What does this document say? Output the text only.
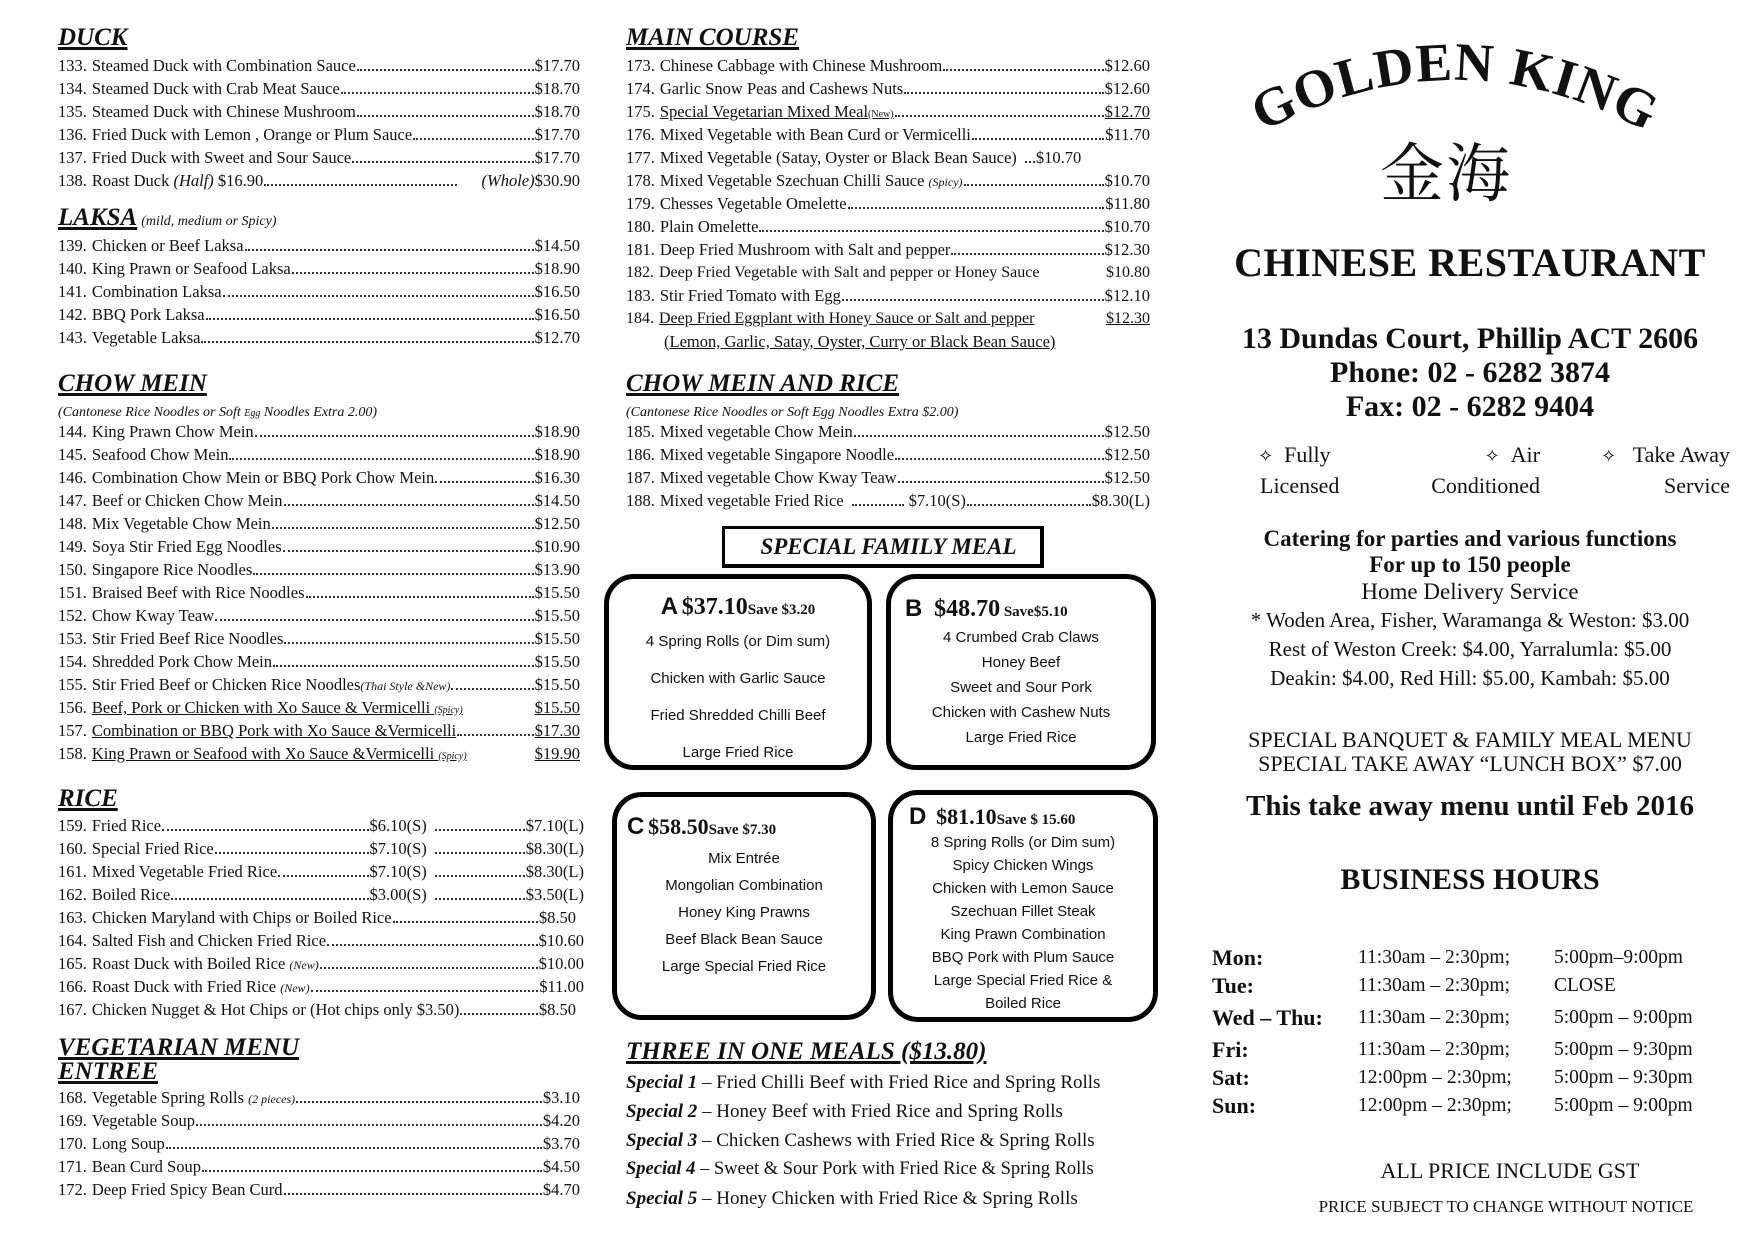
DUCK
133. Steamed Duck with Combination Sauce	$17.70
134. Steamed Duck with Crab Meat Sauce	$18.70
135. Steamed Duck with Chinese Mushroom	$18.70
136. Fried Duck with Lemon , Orange or Plum Sauce	$17.70
137. Fried Duck with Sweet and Sour Sauce	$17.70
138. Roast Duck (Half) $16.90	(Whole) $30.90
LAKSA (mild, medium or Spicy)
139. Chicken or Beef Laksa	$14.50
140. King Prawn or Seafood Laksa	$18.90
141. Combination Laksa	$16.50
142. BBQ Pork Laksa	$16.50
143. Vegetable Laksa	$12.70
CHOW MEIN
(Cantonese Rice Noodles or Soft Egg Noodles Extra 2.00)
144. King Prawn Chow Mein	$18.90
145. Seafood Chow Mein	$18.90
146. Combination Chow Mein or BBQ Pork Chow Mein	$16.30
147. Beef or Chicken Chow Mein	$14.50
148. Mix Vegetable Chow Mein	$12.50
149. Soya Stir Fried Egg Noodles	$10.90
150. Singapore Rice Noodles	$13.90
151. Braised Beef with Rice Noodles	$15.50
152. Chow Kway Teaw	$15.50
153. Stir Fried Beef Rice Noodles	$15.50
154. Shredded Pork Chow Mein	$15.50
155. Stir Fried Beef or Chicken Rice Noodles(Thai Style &New)	$15.50
156. Beef, Pork or Chicken with Xo Sauce & Vermicelli (Spicy)	$15.50
157. Combination or BBQ Pork with Xo Sauce &Vermicelli	$17.30
158. King Prawn or Seafood with Xo Sauce &Vermicelli (Spicy)	$19.90
RICE
159. Fried Rice	$6.10(S)	$7.10(L)
160. Special Fried Rice	$7.10(S)	$8.30(L)
161. Mixed Vegetable Fried Rice	$7.10(S)	$8.30(L)
162. Boiled Rice	$3.00(S)	$3.50(L)
163. Chicken Maryland with Chips or Boiled Rice	$8.50
164. Salted Fish and Chicken Fried Rice	$10.60
165. Roast Duck with Boiled Rice (New)	$10.00
166. Roast Duck with Fried Rice (New)	$11.00
167. Chicken Nugget & Hot Chips or (Hot chips only $3.50)	$8.50
VEGETARIAN MENU
ENTREE
168. Vegetable Spring Rolls (2 pieces)	$3.10
169. Vegetable Soup	$4.20
170. Long Soup	$3.70
171. Bean Curd Soup	$4.50
172. Deep Fried Spicy Bean Curd	$4.70
MAIN COURSE
173. Chinese Cabbage with Chinese Mushroom	$12.60
174. Garlic Snow Peas and Cashews Nuts	$12.60
175. Special Vegetarian Mixed Meal(New)	$12.70
176. Mixed Vegetable with Bean Curd or Vermicelli	$11.70
177. Mixed Vegetable (Satay, Oyster or Black Bean Sauce) $10.70
178. Mixed Vegetable Szechuan Chilli Sauce (Spicy)	$10.70
179. Chesses Vegetable Omelette	$11.80
180. Plain Omelette	$10.70
181. Deep Fried Mushroom with Salt and pepper	$12.30
182. Deep Fried Vegetable with Salt and pepper or Honey Sauce	$10.80
183. Stir Fried Tomato with Egg	$12.10
184. Deep Fried Eggplant with Honey Sauce or Salt and pepper	$12.30
(Lemon, Garlic, Satay, Oyster, Curry or Black Bean Sauce)
CHOW MEIN AND RICE
(Cantonese Rice Noodles or Soft Egg Noodles Extra $2.00)
185. Mixed vegetable Chow Mein	$12.50
186. Mixed vegetable Singapore Noodle	$12.50
187. Mixed vegetable Chow Kway Teaw	$12.50
188. Mixed vegetable Fried Rice	$7.10(S)	$8.30(L)
SPECIAL FAMILY MEAL
A $37.10Save $3.20
4 Spring Rolls (or Dim sum)
Chicken with Garlic Sauce
Fried Shredded Chilli Beef
Large Fried Rice
B $48.70 Save$5.10
4 Crumbed Crab Claws
Honey Beef
Sweet and Sour Pork
Chicken with Cashew Nuts
Large Fried Rice
C $58.50Save $7.30
Mix Entrée
Mongolian Combination
Honey King Prawns
Beef Black Bean Sauce
Large Special Fried Rice
D $81.10Save $ 15.60
8 Spring Rolls (or Dim sum)
Spicy Chicken Wings
Chicken with Lemon Sauce
Szechuan Fillet Steak
King Prawn Combination
BBQ Pork with Plum Sauce
Large Special Fried Rice &
Boiled Rice
THREE IN ONE MEALS ($13.80)
Special 1 – Fried Chilli Beef with Fried Rice and Spring Rolls
Special 2 – Honey Beef with Fried Rice and Spring Rolls
Special 3 – Chicken Cashews with Fried Rice & Spring Rolls
Special 4 – Sweet & Sour Pork with Fried Rice & Spring Rolls
Special 5 – Honey Chicken with Fried Rice & Spring Rolls
GOLDEN KING
金海
CHINESE RESTAURANT
13 Dundas Court, Phillip ACT 2606
Phone: 02 - 6282 3874
Fax: 02 - 6282 9404
✧ Fully
Licensed
✧ Air
Conditioned
✧ Take Away
Service
Catering for parties and various functions
For up to 150 people
Home Delivery Service
* Woden Area, Fisher, Waramanga & Weston: $3.00
Rest of Weston Creek: $4.00, Yarralumla: $5.00
Deakin: $4.00, Red Hill: $5.00, Kambah: $5.00
SPECIAL BANQUET & FAMILY MEAL MENU
SPECIAL TAKE AWAY “LUNCH BOX” $7.00
This take away menu until Feb 2016
BUSINESS HOURS
Mon:	11:30am – 2:30pm;	5:00pm–9:00pm
Tue:	11:30am – 2:30pm;	CLOSE
Wed – Thu:	11:30am – 2:30pm;	5:00pm – 9:00pm
Fri:	11:30am – 2:30pm;	5:00pm – 9:30pm
Sat:	12:00pm – 2:30pm;	5:00pm – 9:30pm
Sun:	12:00pm – 2:30pm;	5:00pm – 9:00pm
ALL PRICE INCLUDE GST
PRICE SUBJECT TO CHANGE WITHOUT NOTICE
